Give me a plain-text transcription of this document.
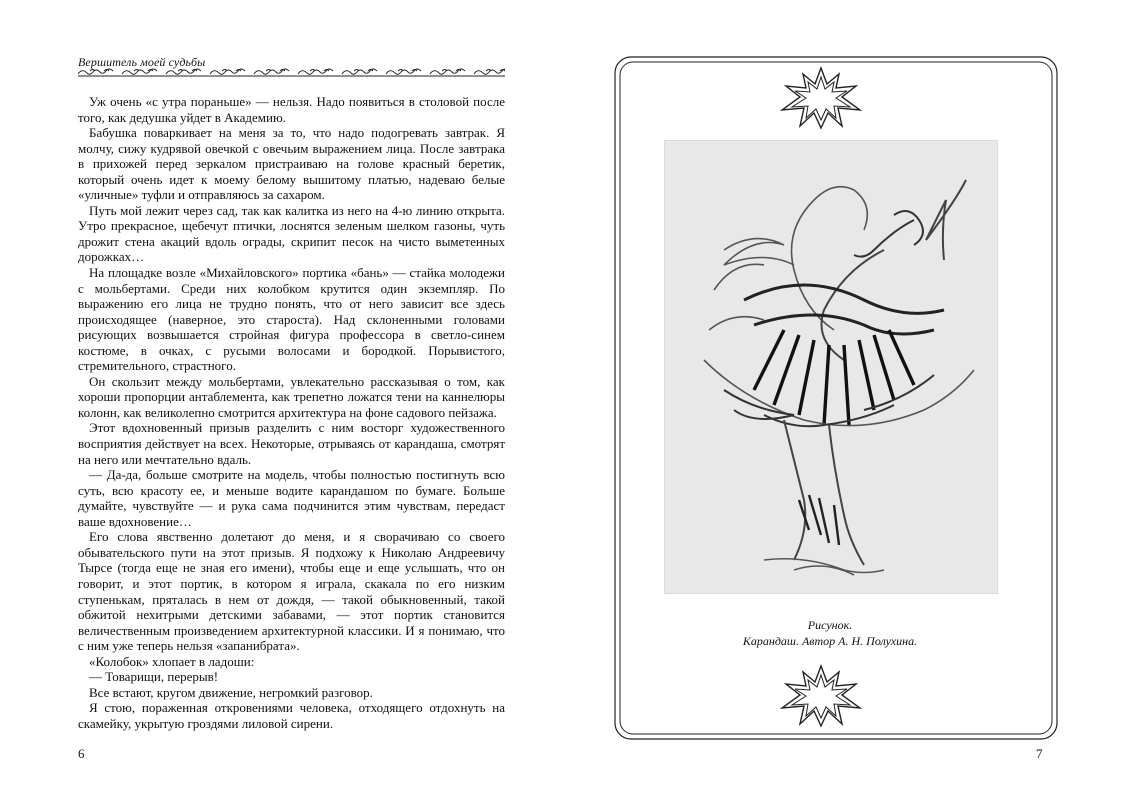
Вершитель моей судьбы

Уж очень «с утра пораньше» — нельзя. Надо появиться в столовой после того, как дедушка уйдет в Академию.

Бабушка поваркивает на меня за то, что надо подогревать завтрак. Я молчу, сижу кудрявой овечкой с овечьим выражением лица. После завтрака в прихожей перед зеркалом пристраиваю на голове красный беретик, который очень идет к моему белому вышитому платью, надеваю белые «уличные» туфли и отправляюсь за сахаром.

Путь мой лежит через сад, так как калитка из него на 4-ю линию открыта. Утро прекрасное, щебечут птички, лоснятся зеленым шелком газоны, чуть дрожит стена акаций вдоль ограды, скрипит песок на чисто выметенных дорожках…

На площадке возле «Михайловского» портика «бань» — стайка молодежи с мольбертами. Среди них колобком крутится один экземпляр. По выражению его лица не трудно понять, что от него зависит все здесь происходящее (наверное, это староста). Над склоненными головами рисующих возвышается стройная фигура профессора в светло-синем костюме, в очках, с русыми волосами и бородкой. Порывистого, стремительного, страстного.

Он скользит между мольбертами, увлекательно рассказывая о том, как хороши пропорции антаблемента, как трепетно ложатся тени на каннелюры колонн, как великолепно смотрится архитектура на фоне садового пейзажа.

Этот вдохновенный призыв разделить с ним восторг художественного восприятия действует на всех. Некоторые, отрываясь от карандаша, смотрят на него или мечтательно вдаль.

— Да-да, больше смотрите на модель, чтобы полностью постигнуть всю суть, всю красоту ее, и меньше водите карандашом по бумаге. Больше думайте, чувствуйте — и рука сама подчинится этим чувствам, передаст ваше вдохновение…

Его слова явственно долетают до меня, и я сворачиваю со своего обывательского пути на этот призыв. Я подхожу к Николаю Андреевичу Тырсе (тогда еще не зная его имени), чтобы еще и еще услышать, что он говорит, и этот портик, в котором я играла, скакала по его низким ступенькам, пряталась в нем от дождя, — такой обыкновенный, такой обжитой нехитрыми детскими забавами, — этот портик становится величественным произведением архитектурной классики. И я понимаю, что с ним уже теперь нельзя «запанибрата».

«Колобок» хлопает в ладоши:

— Товарищи, перерыв!

Все встают, кругом движение, негромкий разговор.

Я стою, пораженная откровениями человека, отходящего отдохнуть на скамейку, укрытую гроздями лиловой сирени.

6
Рисунок.
Карандаш. Автор А. Н. Полухина.
7
